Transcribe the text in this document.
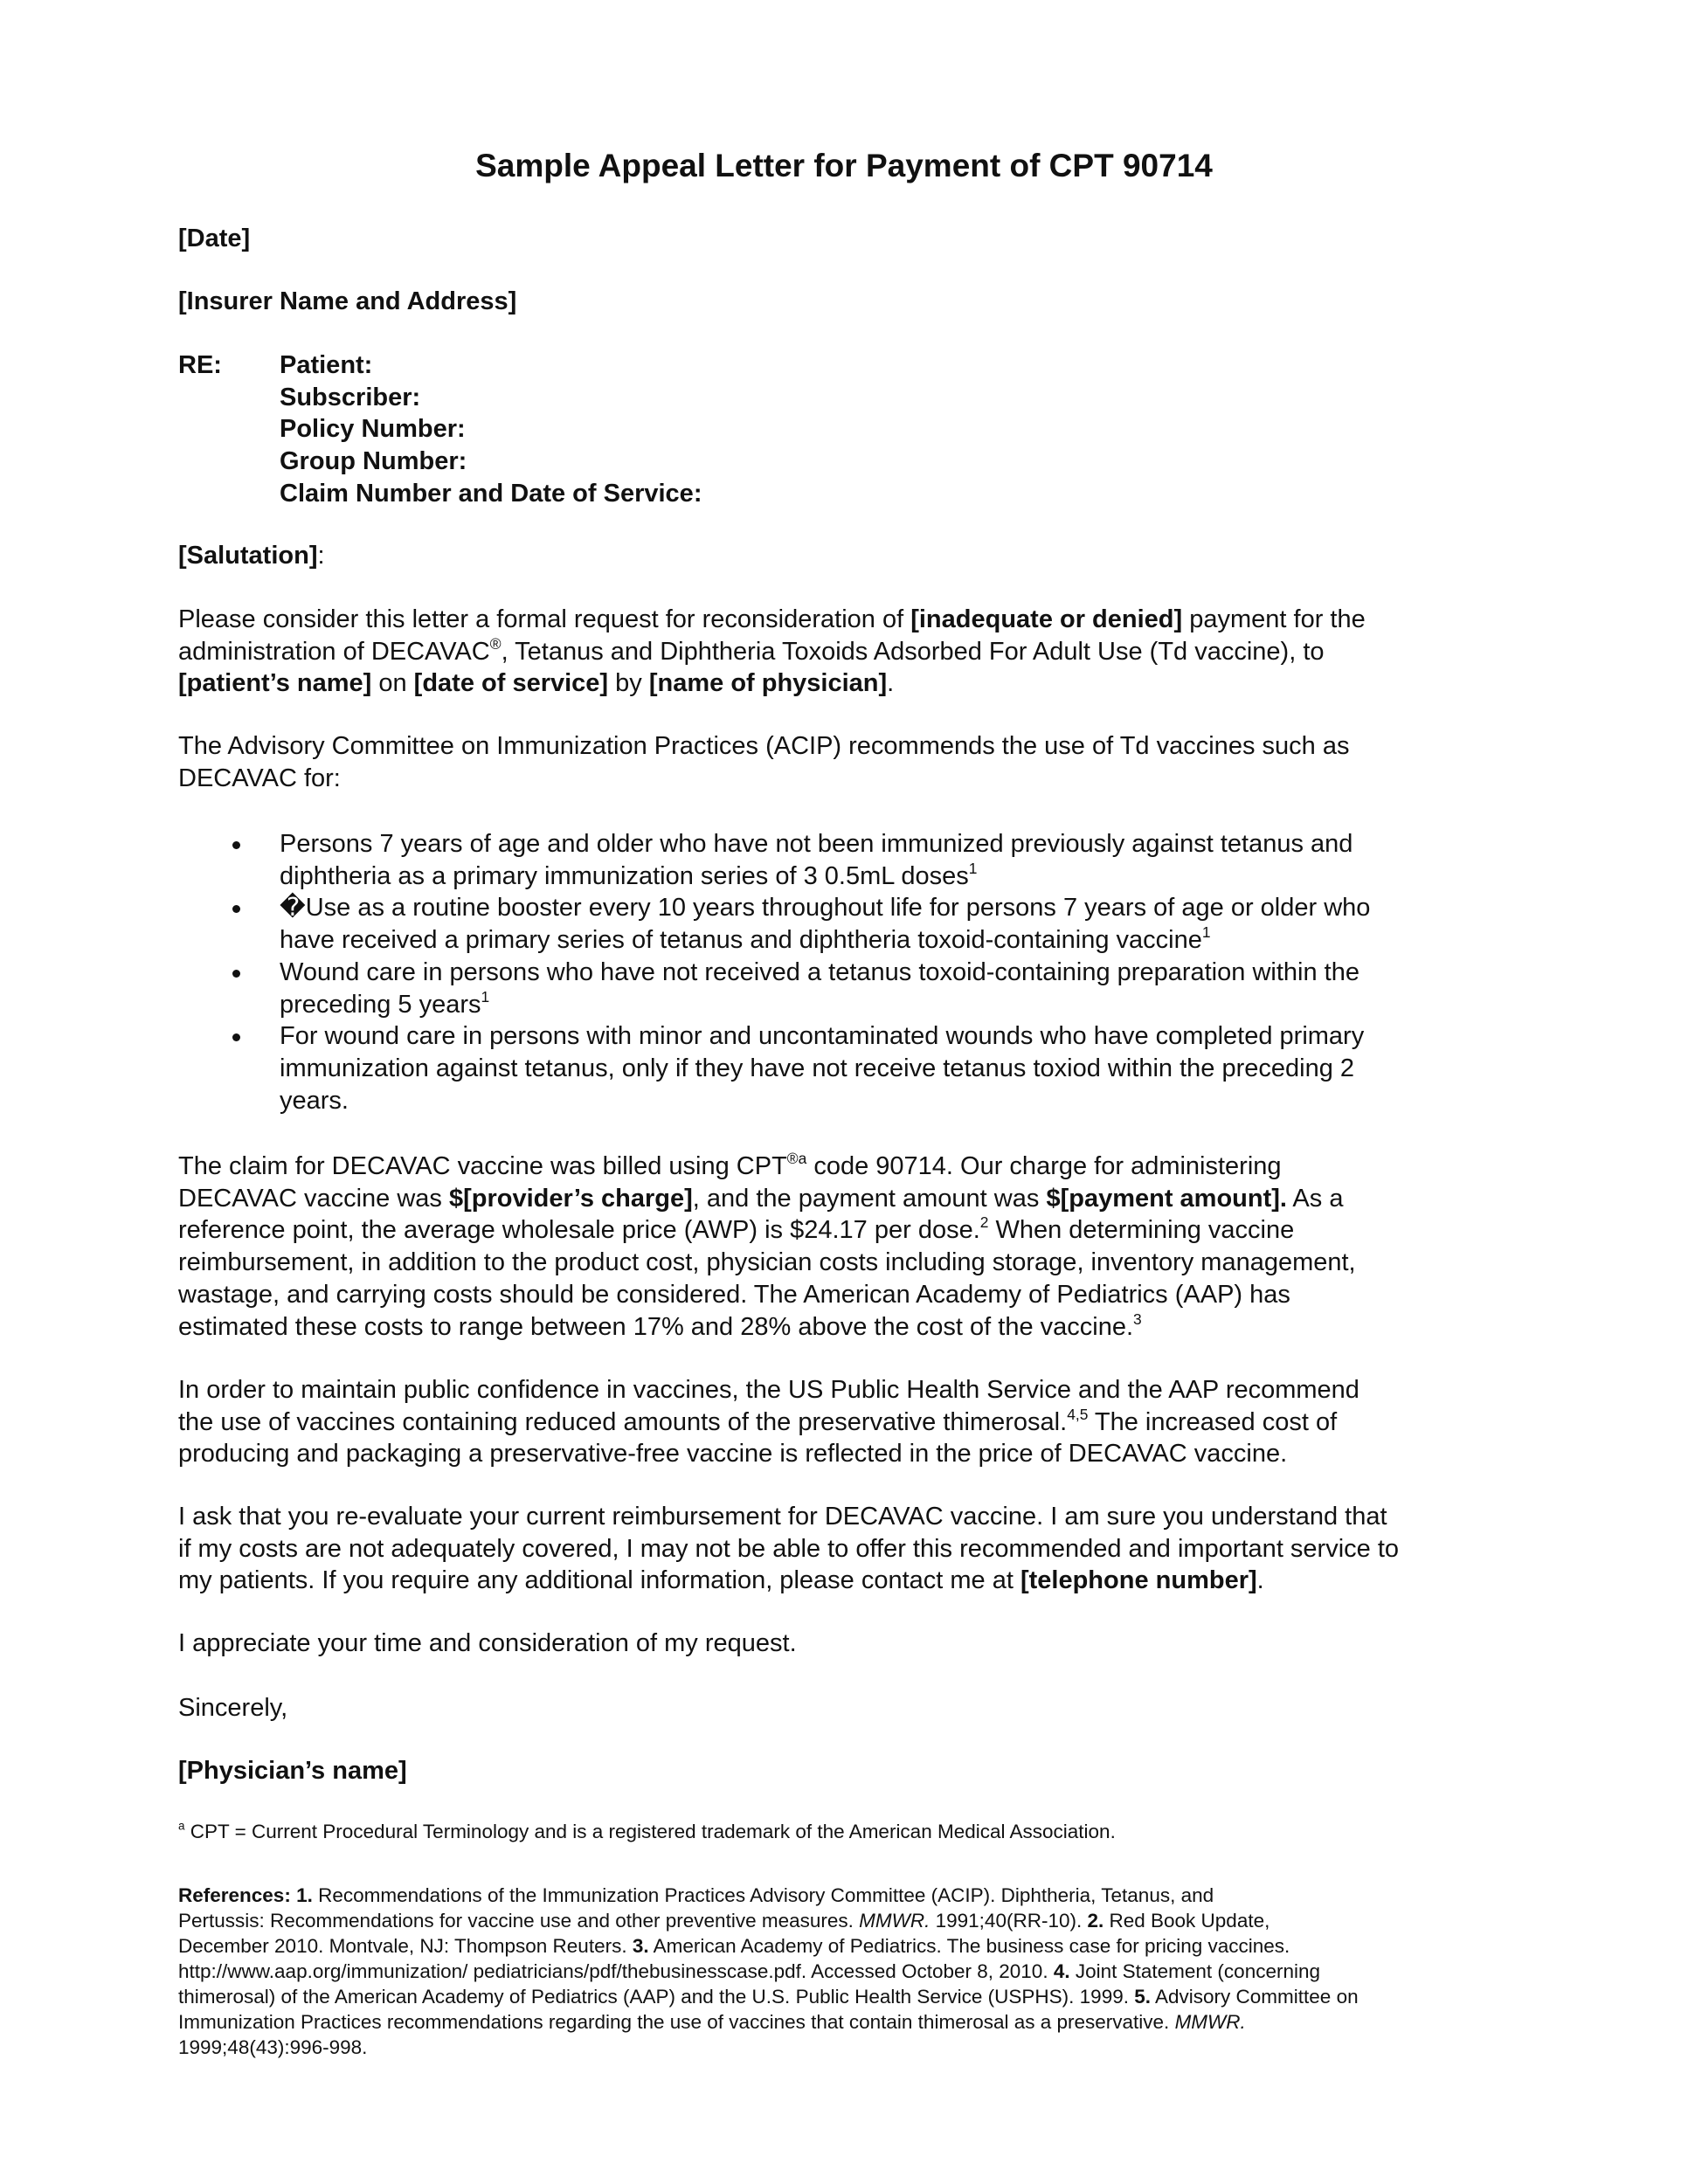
Sample Appeal Letter for Payment of CPT 90714
[Date]
[Insurer Name and Address]
RE: Patient:
Subscriber:
Policy Number:
Group Number:
Claim Number and Date of Service:
[Salutation]:
Please consider this letter a formal request for reconsideration of [inadequate or denied] payment for the
administration of DECAVAC®, Tetanus and Diphtheria Toxoids Adsorbed For Adult Use (Td vaccine), to
[patient’s name] on [date of service] by [name of physician].
The Advisory Committee on Immunization Practices (ACIP) recommends the use of Td vaccines such as
DECAVAC for:
Persons 7 years of age and older who have not been immunized previously against tetanus and
diphtheria as a primary immunization series of 3 0.5mL doses$^1$
�Use as a routine booster every 10 years throughout life for persons 7 years of age or older who
have received a primary series of tetanus and diphtheria toxoid-containing vaccine$^1$
Wound care in persons who have not received a tetanus toxoid-containing preparation within the
preceding 5 years$^1$
For wound care in persons with minor and uncontaminated wounds who have completed primary
immunization against tetanus, only if they have not receive tetanus toxiod within the preceding 2
years.
The claim for DECAVAC vaccine was billed using $CPT^{®a}$ code 90714. Our charge for administering
DECAVAC vaccine was $[provider’s charge], and the payment amount was $[payment amount]. As a
reference point, the average wholesale price (AWP) is $24.17 per dose.$^2$ When determining vaccine
reimbursement, in addition to the product cost, physician costs including storage, inventory management,
wastage, and carrying costs should be considered. The American Academy of Pediatrics (AAP) has
estimated these costs to range between 17% and 28% above the cost of the vaccine.$^3$
In order to maintain public confidence in vaccines, the US Public Health Service and the AAP recommend
the use of vaccines containing reduced amounts of the preservative thimerosal.$^{4,5}$ The increased cost of
producing and packaging a preservative-free vaccine is reflected in the price of DECAVAC vaccine.
I ask that you re-evaluate your current reimbursement for DECAVAC vaccine. I am sure you understand that
if my costs are not adequately covered, I may not be able to offer this recommended and important service to
my patients. If you require any additional information, please contact me at [telephone number].
I appreciate your time and consideration of my request.
Sincerely,
[Physician’s name]
$^a$ CPT = Current Procedural Terminology and is a registered trademark of the American Medical Association.
References: 1. Recommendations of the Immunization Practices Advisory Committee (ACIP). Diphtheria, Tetanus, and
Pertussis: Recommendations for vaccine use and other preventive measures. MMWR. 1991;40(RR-10). 2. Red Book Update,
December 2010. Montvale, NJ: Thompson Reuters. 3. American Academy of Pediatrics. The business case for pricing vaccines.
http://www.aap.org/immunization/ pediatricians/pdf/thebusinesscase.pdf. Accessed October 8, 2010. 4. Joint Statement (concerning
thimerosal) of the American Academy of Pediatrics (AAP) and the U.S. Public Health Service (USPHS). 1999. 5. Advisory Committee on
Immunization Practices recommendations regarding the use of vaccines that contain thimerosal as a preservative. MMWR.
1999;48(43):996-998.
